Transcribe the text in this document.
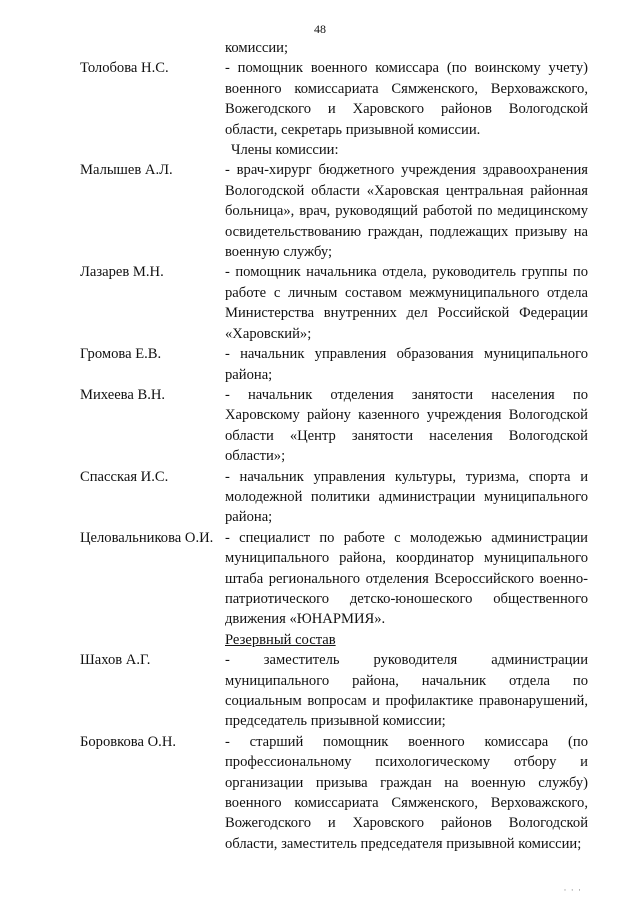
48
комиссии;
Толобова Н.С.	- помощник военного комиссара (по воинскому учету) военного комиссариата Сямженского, Верховажского, Вожегодского и Харовского районов Вологодской области, секретарь призывной комиссии.
Члены комиссии:
Малышев А.Л.	- врач-хирург бюджетного учреждения здравоохранения Вологодской области «Харовская центральная районная больница», врач, руководящий работой по медицинскому освидетельствованию граждан, подлежащих призыву на военную службу;
Лазарев М.Н.	- помощник начальника отдела, руководитель группы по работе с личным составом межмуниципального отдела Министерства внутренних дел Российской Федерации «Харовский»;
Громова Е.В.	- начальник управления образования муниципального района;
Михеева В.Н.	- начальник отделения занятости населения по Харовскому району казенного учреждения Вологодской области «Центр занятости населения Вологодской области»;
Спасская И.С.	- начальник управления культуры, туризма, спорта и молодежной политики администрации муниципального района;
Целовальникова О.И. - специалист по работе с молодежью администрации муниципального района, координатор муниципального штаба регионального отделения Всероссийского военно-патриотического детско-юношеского общественного движения «ЮНАРМИЯ».
Резервный состав
Шахов А.Г.	- заместитель руководителя администрации муниципального района, начальник отдела по социальным вопросам и профилактике правонарушений, председатель призывной комиссии;
Боровкова О.Н.	- старший помощник военного комиссара (по профессиональному психологическому отбору и организации призыва граждан на военную службу) военного комиссариата Сямженского, Верховажского, Вожегодского и Харовского районов Вологодской области, заместитель председателя призывной комиссии;
· · ·
